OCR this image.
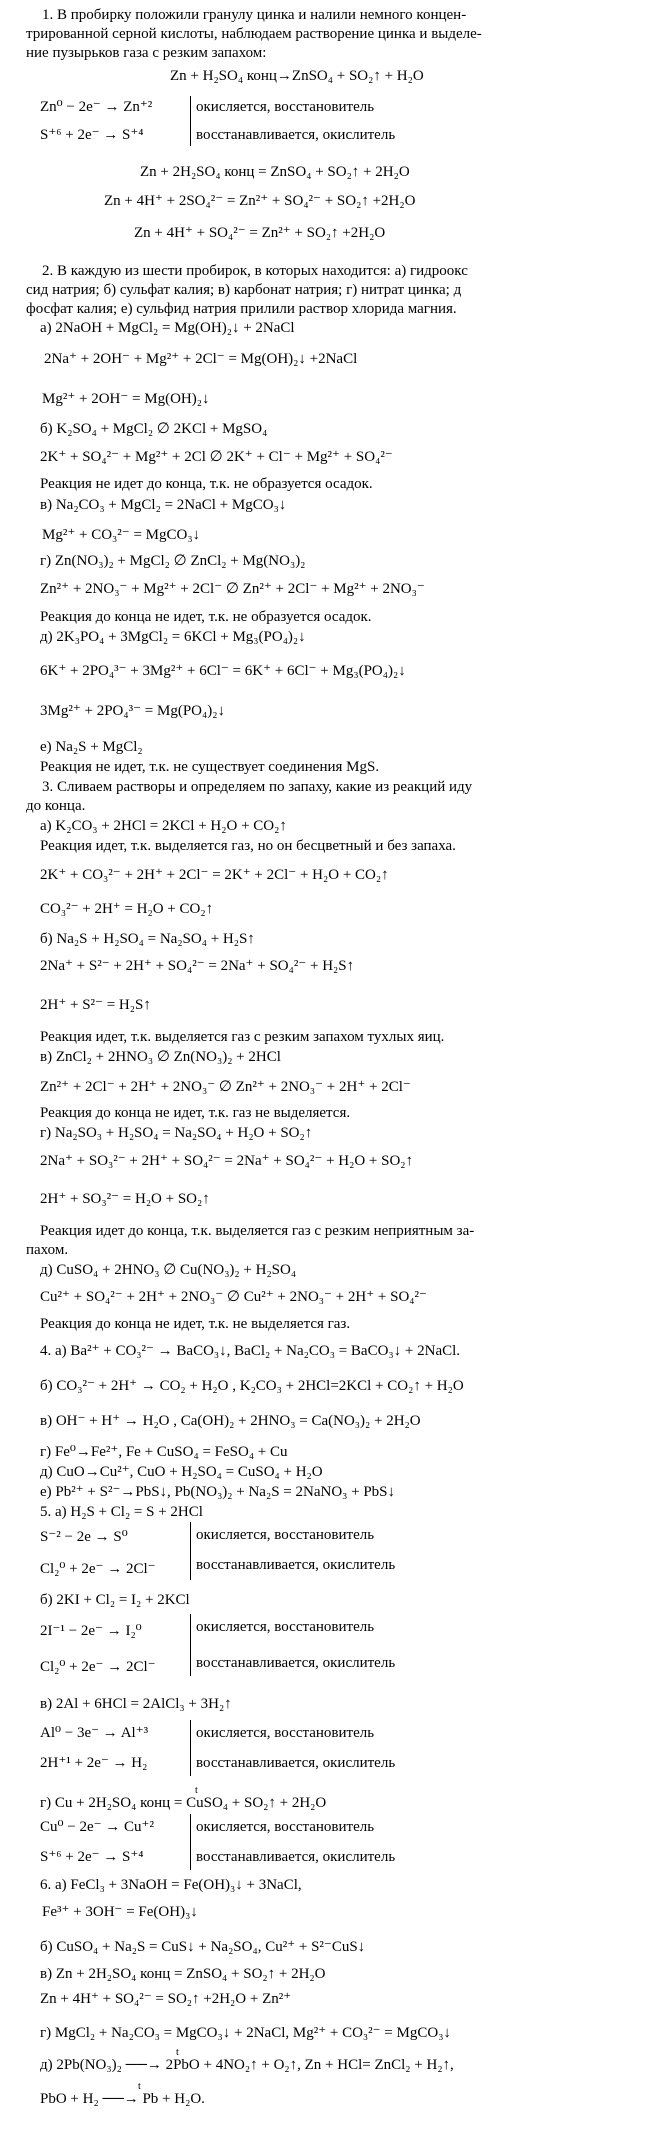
1. В пробирку положили гранулу цинка и налили немного концен-
трированной серной кислоты, наблюдаем растворение цинка и выделе-
ние пузырьков газа с резким запахом:
Zn + H₂SO₄ конц→ZnSO₄ + SO₂↑ + H₂O
Zn⁰ − 2e⁻ → Zn⁺²	окисляется, восстановитель
S⁺⁶ + 2e⁻ → S⁺⁴	восстанавливается, окислитель
Zn + 2H₂SO₄ конц = ZnSO₄ + SO₂↑ + 2H₂O
Zn + 4H⁺ + 2SO₄²⁻ = Zn²⁺ + SO₄²⁻ + SO₂↑ +2H₂O
Zn + 4H⁺ + SO₄²⁻ = Zn²⁺ + SO₂↑ +2H₂O
2. В каждую из шести пробирок, в которых находится: а) гидроокс
сид натрия; б) сульфат калия; в) карбонат натрия; г) нитрат цинка; д
фосфат калия; е) сульфид натрия прилили раствор хлорида магния.
а) 2NaOH + MgCl₂ = Mg(OH)₂↓ + 2NaCl
2Na⁺ + 2OH⁻ + Mg²⁺ + 2Cl⁻ = Mg(OH)₂↓ +2NaCl
Mg²⁺ + 2OH⁻ = Mg(OH)₂↓
б) K₂SO₄ + MgCl₂ ∅ 2KCl + MgSO₄
2K⁺ + SO₄²⁻ + Mg²⁺ + 2Cl ∅ 2K⁺ + Cl⁻ + Mg²⁺ + SO₄²⁻
Реакция не идет до конца, т.к. не образуется осадок.
в) Na₂CO₃ + MgCl₂ = 2NaCl + MgCO₃↓
Mg²⁺ + CO₃²⁻ = MgCO₃↓
г) Zn(NO₃)₂ + MgCl₂ ∅ ZnCl₂ + Mg(NO₃)₂
Zn²⁺ + 2NO₃⁻ + Mg²⁺ + 2Cl⁻ ∅ Zn²⁺ + 2Cl⁻ + Mg²⁺ + 2NO₃⁻
Реакция до конца не идет, т.к. не образуется осадок.
д) 2K₃PO₄ + 3MgCl₂ = 6KCl + Mg₃(PO₄)₂↓
6K⁺ + 2PO₄³⁻ + 3Mg²⁺ + 6Cl⁻ = 6K⁺ + 6Cl⁻ + Mg₃(PO₄)₂↓
3Mg²⁺ + 2PO₄³⁻ = Mg(PO₄)₂↓
е) Na₂S + MgCl₂
Реакция не идет, т.к. не существует соединения MgS.
3. Сливаем растворы и определяем по запаху, какие из реакций иду
до конца.
а) K₂CO₃ + 2HCl = 2KCl + H₂O + CO₂↑
Реакция идет, т.к. выделяется газ, но он бесцветный и без запаха.
2K⁺ + CO₃²⁻ + 2H⁺ + 2Cl⁻ = 2K⁺ + 2Cl⁻ + H₂O + CO₂↑
CO₃²⁻ + 2H⁺ = H₂O + CO₂↑
б) Na₂S + H₂SO₄ = Na₂SO₄ + H₂S↑
2Na⁺ + S²⁻ + 2H⁺ + SO₄²⁻ = 2Na⁺ + SO₄²⁻ + H₂S↑
2H⁺ + S²⁻ = H₂S↑
Реакция идет, т.к. выделяется газ с резким запахом тухлых яиц.
в) ZnCl₂ + 2HNO₃ ∅ Zn(NO₃)₂ + 2HCl
Zn²⁺ + 2Cl⁻ + 2H⁺ + 2NO₃⁻ ∅ Zn²⁺ + 2NO₃⁻ + 2H⁺ + 2Cl⁻
Реакция до конца не идет, т.к. газ не выделяется.
г) Na₂SO₃ + H₂SO₄ = Na₂SO₄ + H₂O + SO₂↑
2Na⁺ + SO₃²⁻ + 2H⁺ + SO₄²⁻ = 2Na⁺ + SO₄²⁻ + H₂O + SO₂↑
2H⁺ + SO₃²⁻ = H₂O + SO₂↑
Реакция идет до конца, т.к. выделяется газ с резким неприятным за-
пахом.
д) CuSO₄ + 2HNO₃ ∅ Cu(NO₃)₂ + H₂SO₄
Cu²⁺ + SO₄²⁻ + 2H⁺ + 2NO₃⁻ ∅ Cu²⁺ + 2NO₃⁻ + 2H⁺ + SO₄²⁻
Реакция до конца не идет, т.к. не выделяется газ.
4. а) Ba²⁺ + CO₃²⁻ → BaCO₃↓, BaCl₂ + Na₂CO₃ = BaCO₃↓ + 2NaCl.
б) CO₃²⁻ + 2H⁺ → CO₂ + H₂O , K₂CO₃ + 2HCl=2KCl + CO₂↑ + H₂O
в) OH⁻ + H⁺ → H₂O , Ca(OH)₂ + 2HNO₃ = Ca(NO₃)₂ + 2H₂O
г) Fe⁰→Fe²⁺, Fe + CuSO₄ = FeSO₄ + Cu
д) CuO→Cu²⁺, CuO + H₂SO₄ = CuSO₄ + H₂O
е) Pb²⁺ + S²⁻→PbS↓, Pb(NO₃)₂ + Na₂S = 2NaNO₃ + PbS↓
5. а) H₂S + Cl₂ = S + 2HCl
S⁻² − 2e → S⁰	окисляется, восстановитель
Cl₂⁰ + 2e⁻ → 2Cl⁻	восстанавливается, окислитель
б) 2KI + Cl₂ = I₂ + 2KCl
2I⁻¹ − 2e⁻ → I₂⁰	окисляется, восстановитель
Cl₂⁰ + 2e⁻ → 2Cl⁻	восстанавливается, окислитель
в) 2Al + 6HCl = 2AlCl₃ + 3H₂↑
Al⁰ − 3e⁻ → Al⁺³	окисляется, восстановитель
2H⁺¹ + 2e⁻ → H₂	восстанавливается, окислитель
г) Cu + 2H₂SO₄ конц = CuSO₄ + SO₂↑ + 2H₂O
Cu⁰ − 2e⁻ → Cu⁺²	окисляется, восстановитель
S⁺⁶ + 2e⁻ → S⁺⁴	восстанавливается, окислитель
6. а) FeCl₃ + 3NaOH = Fe(OH)₃↓ + 3NaCl,
Fe³⁺ + 3OH⁻ = Fe(OH)₃↓
б) CuSO₄ + Na₂S = CuS↓ + Na₂SO₄, Cu²⁺ + S²⁻CuS↓
в) Zn + 2H₂SO₄ конц = ZnSO₄ + SO₂↑ + 2H₂O
Zn + 4H⁺ + SO₄²⁻ = SO₂↑ +2H₂O + Zn²⁺
г) MgCl₂ + Na₂CO₃ = MgCO₃↓ + 2NaCl, Mg²⁺ + CO₃²⁻ = MgCO₃↓
д) 2Pb(NO₃)₂ ──→ 2PbO + 4NO₂↑ + O₂↑, Zn + HCl= ZnCl₂ + H₂↑,
PbO + H₂ ──→ Pb + H₂O.
t
t
t
